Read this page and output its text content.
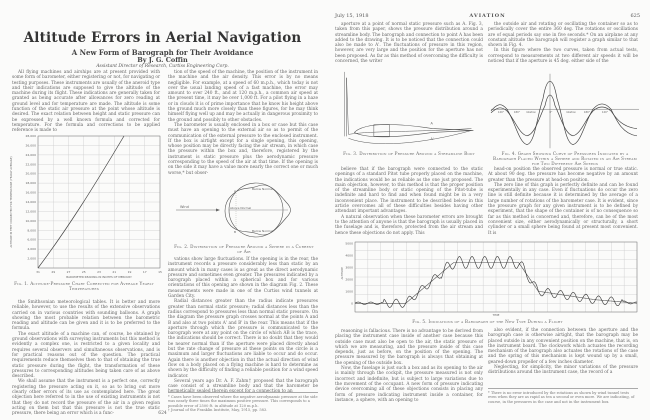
Altitude Errors in Aerial Navigation
A New Form of Barograph for Their Avoidance
By J. G. Coffin
Assistant Director of Research, Curtiss Engineering Corp.

All flying machines and airships are at present provided with some form of barometer, either registering or not, for navigating or testing purposes. These instruments are usually of the aneroid type and their indications are supposed to give the altitude of the machine during its flight. These indications are generally taken for granted as being accurate after allowances for zero reading at ground level and for temperature are made. The altitude is some function of the static air pressure at the point whose altitude is desired. The exact relation between height and static pressure can be expressed by a well known formula and corrected for temperature. For the formula and corrections to be applied reference is made to

2,000
4,000
6,000
8,000
10,000
12,000
14,000
16,000
18,000
20,000
22,000
24,000
26,000
28,000
31	29	27	25	23	21	19	17	15
BAROMETER READING IN INCHES OF MERCURY
ALTITUDE IN FEET CORRECTED FOR TEMPERATURE (YEARLY AVERAGE)
Fig. 1. Altitude-Pressure Chart Corrected for Average Yearly Temperatures

the Smithsonian meteorological tables. It is better and more reliable, however, to use the results of the extensive observations carried on in various countries with sounding balloons. A graph showing the most probable relation between the barometric reading and altitude can be given and it is to be preferred to the formula.

The exact altitude of a machine can, of course, be obtained by ground observations with surveying instruments but this method is evidently a complex one, is restricted to a given locality and requires several observers and simultaneous observations, and is for practical reasons out of the question. The practical requirements reduce themselves then to that of obtaining the true static pressure during the flight, the transformation of these pressures to corresponding altitudes being taken care of as above described.

We shall assume that the instrument is a perfect one, correctly registering the pressure acting on it, so as to bring out more clearly other errors of its use as contemplated here. The great objection here referred to in the use of existing instruments is not that they do not record the pressure of the air in a given region acting on them but that this pressure is not the true static pressure, there being an error which is a func-

tion of the speed of the machine, the position of the instrument in the machine and the air density. This error is by no means negligible. For example, at a speed of 60 m.p.h., which today is not over the usual landing speed of a fast machine, the error may amount to over 240 ft., and at 120 m.p.h., a common air speed at the present time, it may be over 1,000 ft. For a pilot flying in a haze or in clouds it is of prime importance that he know his height above the ground much more closely than these figures, for he may think himself flying well up and may be actually in dangerous proximity to the ground and possibly to other obstacles.

The barometer is usually enclosed in a box or case but this case must have an opening to the external air so as to permit of the communication of the external pressure to the enclosed instrument. If the box is airtight except for a single opening, this opening, whose position may be directly facing the air stream, in which case the pressure within the box and, therefore, registered by the instrument is static pressure plus the aerodynamic pressure corresponding to the speed of the air at that time. If the opening is on the side it may have a value more nearly the correct one or much worse,* but obser-

Wind
Below Normal
Below Normal
Above Normal
A
B
Fig. 2. Distribution of Pressure Around a Sphere in a Current of Air

vations show large fluctuations. If the opening is in the rear, the instrument records a pressure considerably less than static by an amount which in many cases is as great as the direct aerodynamic pressure and sometimes even greater. The pressures indicated by a barograph placed within a spherical box and for various orientations of this opening are shown in the diagram Fig. 2. These measurements were made in one of the Curtiss wind tunnels at Garden City.

Radial distances greater than the radius indicate pressures greater than normal static pressure; radial distances less than the radius correspond to pressures less than normal static pressure. On the diagram the pressure graph crosses normal at the points A and B and also at two points A' and B' in the rear. This means that if the aperture through which the pressure is communicated to the barograph were at any point on the circle of which AB is the trace, the indications should be correct. There is no doubt that they would be nearer normal than if the aperture were placed directly ahead but the rate change of pressure at these points on the circle is a maximum and larger fluctuations are liable to occur and do occur. Again there is another objection in that the actual direction of wind flow on a body placed on a flying machine is hard to determine as shown by the difficulty of finding a reliable position for a wind speed indicator.

Several years ago Dr. A. F. Zahm† proposed that the barograph case consist of a streamline body and that the barometer be hermetically sealed therein except for a connection to an

* Cases have been observed where the negative aerodynamic pressure at the side was nearly three times the maximum positive pressure. This corresponds to a possible error of 2500 ft. in altitude at 120 m.p.h.
† Journal of the Franklin Institute, May, 1915, pp. 583.
624
July 15, 1918	AVIATION	625

aperture at a point of normal static pressure such as A. Fig. 3, taken from this paper, shows the pressure distribution around a streamline body. The barograph and connection to point A has been added to the drawing. It is to be noticed that the connection could also be made to A'. The fluctuations of pressure in this region, however, are very large and the position for the aperture has not been proposed. As far as this method of overcoming the difficulty is concerned, the writer

the outside air and rotating or oscillating the container so as to periodically cover the entire 360 deg. The rotations or oscillations are of equal periods say one in five seconds.* On an airplane at any constant altitude the barograph will register a graph similar to that shown in Fig. 4.

In this figure where the two curves, taken from actual tests, correspond to measurements at two different air speeds it will be noticed that if the aperture is 45 deg. either side of the

A
A'
Fig. 3. Distribution of Pressure Around a Streamline Body
120°	180° rotation	0°	rotation	180°	120°
Fig. 4. Graph Showing Curve of Pressures Indicated by a Barograph Placed Within a Sphere and Rotated in an Air Stream for Two Different Air Speeds

believe that if the barograph were connected to the static openings of a standard Pitot tube properly placed on the machine, the indications would be as reliable as the one just proposed. The main objection, however, to this method is that the proper position of the streamline body or static opening of the Pitot-tube is indefinite and hard to find and when found might be in a very inconvenient place. The instrument to be described below in this article overcomes all of these difficulties besides having other attendant important advantages.

A natural observation when these barometer errors are brought to the attention of anyone is that the barograph is usually placed in the fuselage and is, therefore, protected from the air stream and hence these objections do not apply. This

head-on position the observed pressure is normal or true static. At about 90 deg. the pressure has become negative by an amount greater than the pressure at head-on position.

The zero line of this graph is perfectly definite and can be found experimentally in any case. Even if fluctuations do occur the zero line is still definite because it is determined by the average of a large number of rotations of the barometer case. It is evident, since the pressure graph for any given instrument is to be defined by experiment, that the shape of the container is of no consequence so far as this method is concerned and, therefore, can be of the most convenient size, either aerodynamically or structurally, a short cylinder or a small sphere being found at present most convenient. It is

0
1000
2000
3000
4000
5000
TIME
ALTITUDE
Fig. 5. Indications of a Barograph of the New Type During a Flight

reasoning is fallacious. There is no advantage to be derived from placing the instrument case inside of another case because this outside case must also be open to the air, the static pressure of which we are measuring, and the pressure inside of this case depends, just as before, on the position of the opening. The pressure measured by the barograph is always that obtaining at the opening of the outside box.

Now, the fuselage is just such a box and as its opening to the air is mainly through the cockpit, the pressure measured is not only incorrect and indefinite, but is subject to large variations due to the movement of the occupant. A new form of pressure indicating device overcoming all of these objections consists in placing any form of pressure indicating instrument inside a container, for instance, a sphere, with an opening to

also evident, if the connection between the aperture and the barograph case is otherwise airtight, that the barograph may be placed outside in any convenient position on the machine, that is, on the instrument board. The clockwork which actuates the recording mechanism of the barograph also actuates the rotations of the case and the spring of this mechanism is kept wound up by a small, geared-down propeller of a few inches diameter.

Neglecting, for simplicity, the minor variations of the pressure distributions around the instrument case, the record of a

* There is no error introduced by the rotations as shown by wind tunnel tests even when they are as rapid as ten a second or even more. We are indicating, of course, in the pressures in the case and not in the instrument box.
